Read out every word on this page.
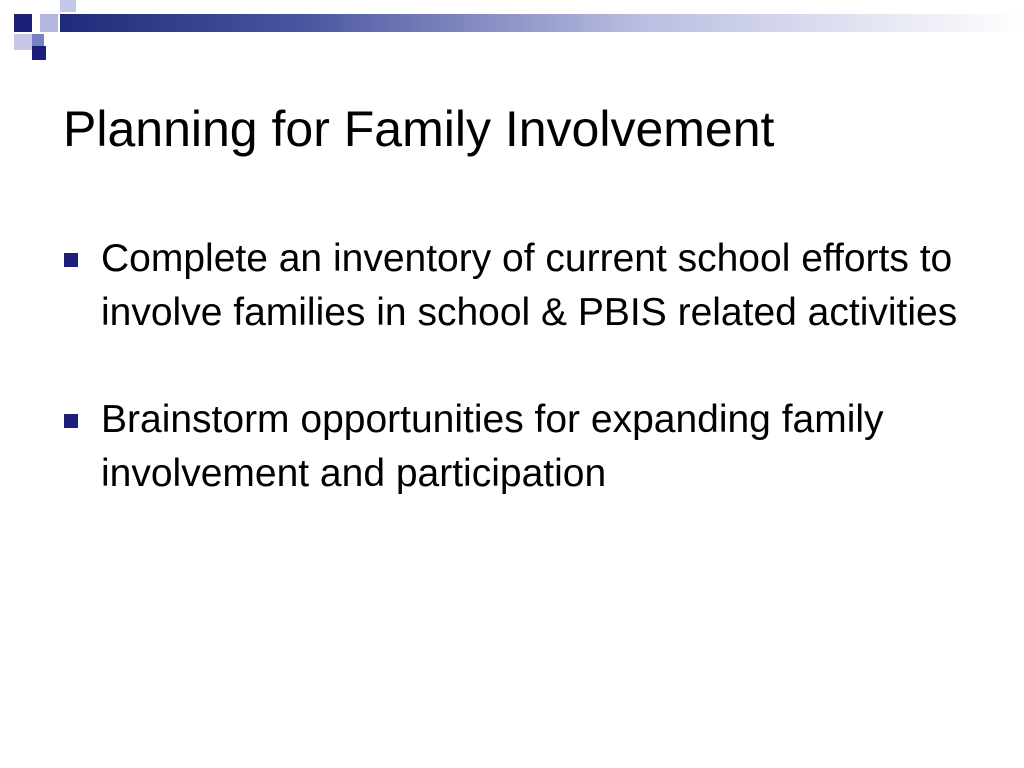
Planning for Family Involvement
Complete an inventory of current school efforts to involve families in school & PBIS related activities
Brainstorm opportunities for expanding family involvement and participation
